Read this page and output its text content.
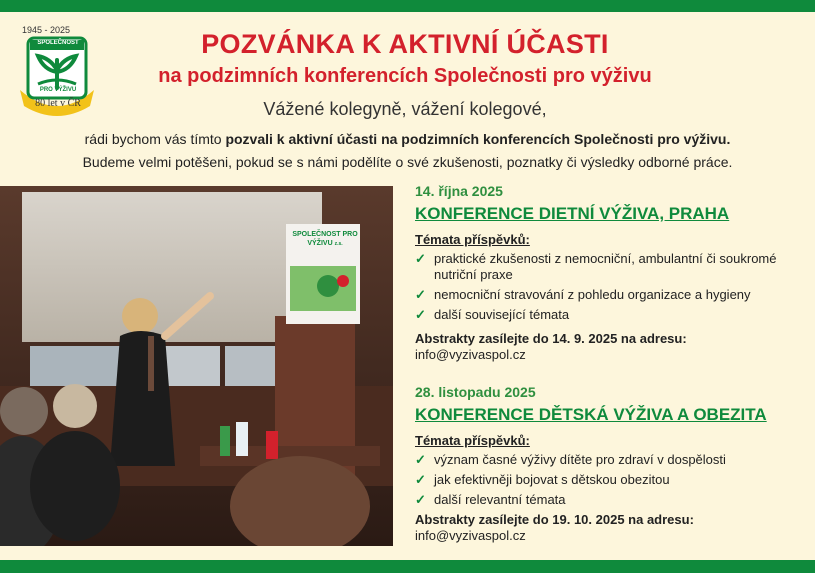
1945 - 2025
SPOLEČNOST
PRO VÝŽIVU
80 let v ČR
POZVÁNKA K AKTIVNÍ ÚČASTI
na podzimních konferencích Společnosti pro výživu
Vážené kolegyně, vážení kolegové,
rádi bychom vás tímto pozvali k aktivní účasti na podzimních konferencích Společnosti pro výživu.
Budeme velmi potěšeni, pokud se s námi podělíte o své zkušenosti, poznatky či výsledky odborné práce.
SPOLEČNOST PRO
VÝŽIVU z.s.
14. října 2025
KONFERENCE DIETNÍ VÝŽIVA, PRAHA
Témata příspěvků:
✓ praktické zkušenosti z nemocniční, ambulantní či soukromé nutriční praxe
✓ nemocniční stravování z pohledu organizace a hygieny
✓ další související témata
Abstrakty zasílejte do 14. 9. 2025 na adresu:
info@vyzivaspol.cz
28. listopadu 2025
KONFERENCE DĚTSKÁ VÝŽIVA A OBEZITA
Témata příspěvků:
✓ význam časné výživy dítěte pro zdraví v dospělosti
✓ jak efektivněji bojovat s dětskou obezitou
✓ další relevantní témata
Abstrakty zasílejte do 19. 10. 2025 na adresu:
info@vyzivaspol.cz
